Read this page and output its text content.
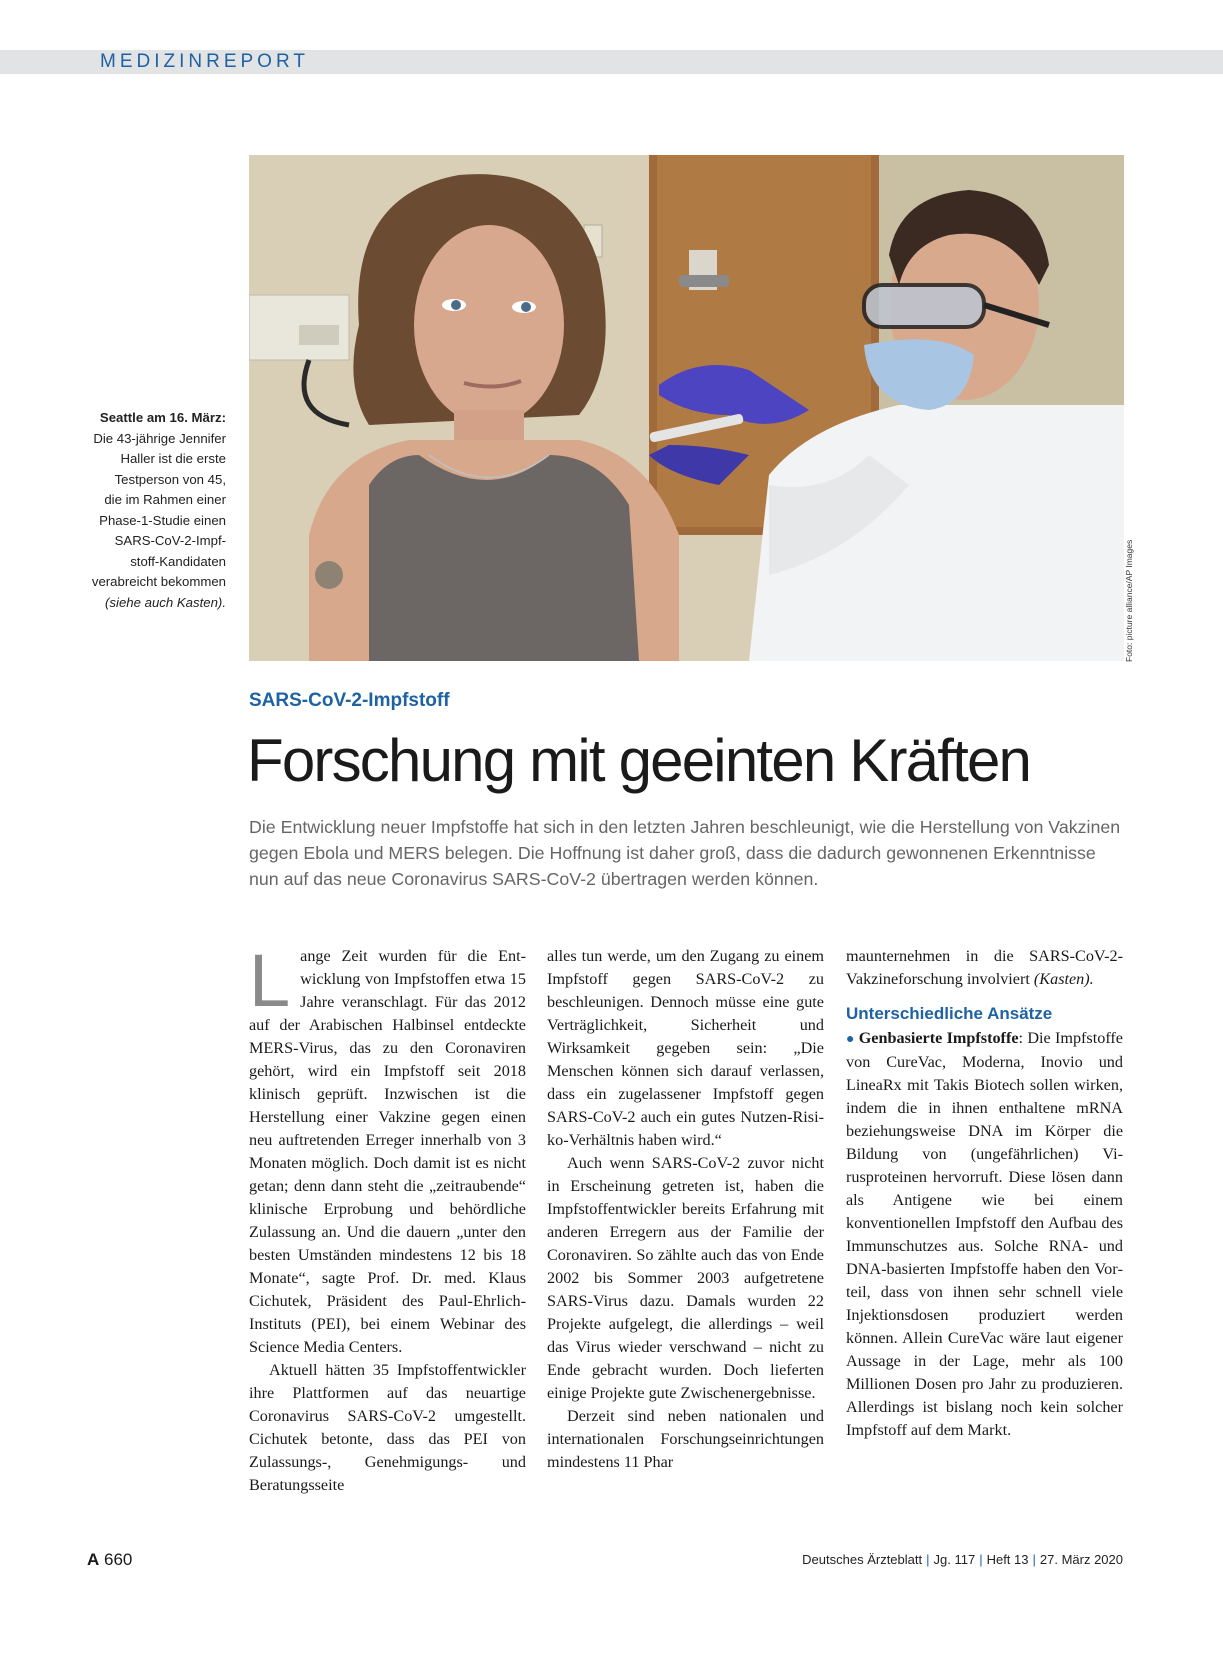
MEDIZINREPORT
Seattle am 16. März:
Die 43-jährige Jennifer
Haller ist die erste
Testperson von 45,
die im Rahmen einer
Phase-1-Studie einen
SARS-CoV-2-Impf-
stoff-Kandidaten
verabreicht bekommen
(siehe auch Kasten).	Foto: picture alliance/AP Images
SARS-CoV-2-Impfstoff
Forschung mit geeinten Kräften

Die Entwicklung neuer Impfstoffe hat sich in den letzten Jahren beschleunigt, wie die Herstellung von Vakzinen gegen Ebola und MERS belegen. Die Hoffnung ist daher groß, dass die dadurch gewonnenen Erkenntnisse nun auf das neue Coronavirus SARS-CoV-2 übertragen werden können.

Lange Zeit wurden für die Entwicklung von Impfstoffen etwa 15 Jahre veranschlagt. Für das 2012 auf der Arabischen Halbinsel entdeckte MERS-Virus, das zu den Coronaviren gehört, wird ein Impfstoff seit 2018 klinisch geprüft. Inzwischen ist die Herstellung einer Vakzine gegen einen neu auftretenden Erreger innerhalb von 3 Monaten möglich. Doch damit ist es nicht getan; denn dann steht die „zeitraubende“ klinische Erprobung und behördliche Zulassung an. Und die dauern „unter den besten Umständen mindestens 12 bis 18 Monate“, sagte Prof. Dr. med. Klaus Cichutek, Präsident des Paul-Ehrlich-Instituts (PEI), bei einem Webinar des Science Media Centers.

Aktuell hätten 35 Impfstoffentwickler ihre Plattformen auf das neuartige Coronavirus SARS-CoV-2 umgestellt. Cichutek betonte, dass das PEI von Zulassungs-, Genehmigungs- und Beratungsseite

alles tun werde, um den Zugang zu einem Impfstoff gegen SARS-CoV-2 zu beschleunigen. Dennoch müsse eine gute Verträglichkeit, Sicherheit und Wirksamkeit gegeben sein: „Die Menschen können sich darauf verlassen, dass ein zugelassener Impfstoff gegen SARS-CoV-2 auch ein gutes Nutzen-Risiko-Verhältnis haben wird.“

Auch wenn SARS-CoV-2 zuvor nicht in Erscheinung getreten ist, haben die Impfstoffentwickler bereits Erfahrung mit anderen Erregern aus der Familie der Coronaviren. So zählte auch das von Ende 2002 bis Sommer 2003 aufgetretene SARS-Virus dazu. Damals wurden 22 Projekte aufgelegt, die allerdings – weil das Virus wieder verschwand – nicht zu Ende gebracht wurden. Doch lieferten einige Projekte gute Zwischenergebnisse.

Derzeit sind neben nationalen und internationalen Forschungseinrichtungen mindestens 11 Phar

maunternehmen in die SARS-CoV-2-Vakzineforschung involviert (Kasten).

Unterschiedliche Ansätze

● Genbasierte Impfstoffe: Die Impfstoffe von CureVac, Moderna, Inovio und LineaRx mit Takis Biotech sollen wirken, indem die in ihnen enthaltene mRNA beziehungsweise DNA im Körper die Bildung von (ungefährlichen) Virusproteinen hervorruft. Diese lösen dann als Antigene wie bei einem konventionellen Impfstoff den Aufbau des Immunschutzes aus. Solche RNA- und DNA-basierten Impfstoffe haben den Vorteil, dass von ihnen sehr schnell viele Injektionsdosen produziert werden können. Allein CureVac wäre laut eigener Aussage in der Lage, mehr als 100 Millionen Dosen pro Jahr zu produzieren. Allerdings ist bislang noch kein solcher Impfstoff auf dem Markt.

A 660	Deutsches Ärzteblatt | Jg. 117 | Heft 13 | 27. März 2020
